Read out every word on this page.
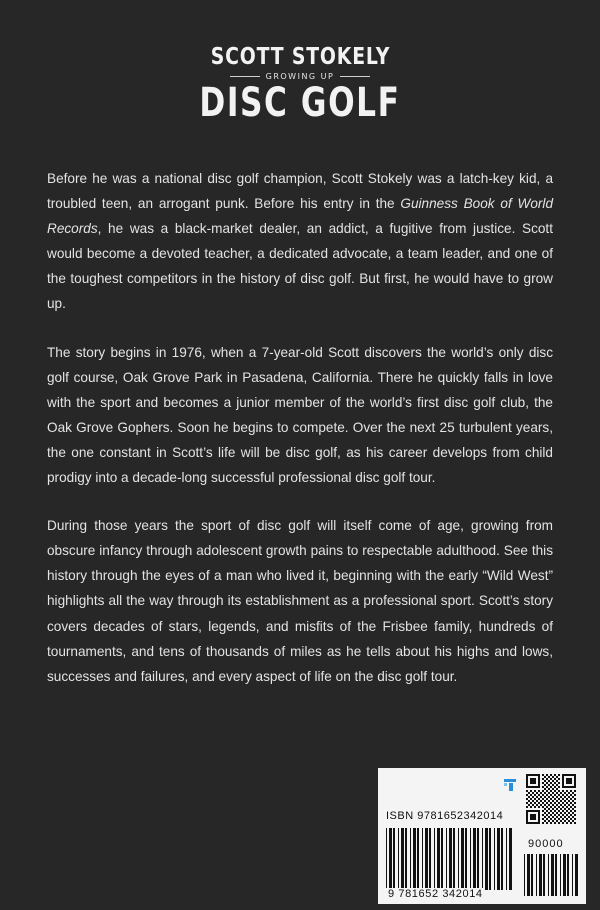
SCOTT STOKELY
GROWING UP
DISC GOLF

Before he was a national disc golf champion, Scott Stokely was a latch-key kid, a troubled teen, an arrogant punk. Before his entry in the Guinness Book of World Records, he was a black-market dealer, an addict, a fugitive from justice. Scott would become a devoted teacher, a dedicated advocate, a team leader, and one of the toughest competitors in the history of disc golf. But first, he would have to grow up.

The story begins in 1976, when a 7-year-old Scott discovers the world’s only disc golf course, Oak Grove Park in Pasadena, California. There he quickly falls in love with the sport and becomes a junior member of the world’s first disc golf club, the Oak Grove Gophers. Soon he begins to compete. Over the next 25 turbulent years, the one constant in Scott’s life will be disc golf, as his career develops from child prodigy into a decade-long successful professional disc golf tour.

During those years the sport of disc golf will itself come of age, growing from obscure infancy through adolescent growth pains to respectable adulthood. See this history through the eyes of a man who lived it, beginning with the early “Wild West” highlights all the way through its establishment as a professional sport. Scott’s story covers decades of stars, legends, and misfits of the Frisbee family, hundreds of tournaments, and tens of thousands of miles as he tells about his highs and lows, successes and failures, and every aspect of life on the disc golf tour.

ISBN 9781652342014
9 781652 342014
90000
